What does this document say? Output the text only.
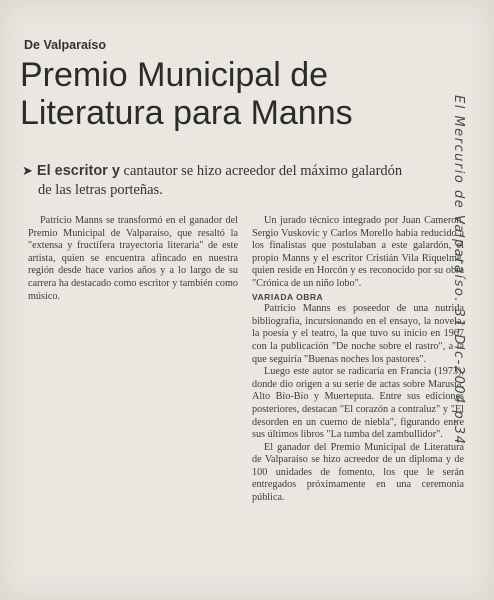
De Valparaíso
Premio Municipal de
Literatura para Manns
➤ El escritor y cantautor se hizo acreedor del máximo galardón
de las letras porteñas.

Patricio Manns se transformó en el ganador del Premio Municipal de Valparaíso, que resaltó la "extensa y fructífera trayectoria literaria" de este artista, quien se encuentra afincado en nuestra región desde hace varios años y a lo largo de su carrera ha destacado como escritor y también como músico.

Un jurado técnico integrado por Juan Cameron, Sergio Vuskovic y Carlos Morello había reducido a los finalistas que postulaban a este galardón, el propio Manns y el escritor Cristián Vila Riquelme, quien reside en Horcón y es reconocido por su obra "Crónica de un niño lobo".

VARIADA OBRA

Patricio Manns es poseedor de una nutrida bibliografía, incursionando en el ensayo, la novela, la poesía y el teatro, la que tuvo su inicio en 1967 con la publicación "De noche sobre el rastro", a la que seguiría "Buenas noches los pastores".

Luego este autor se radicaría en Francia (1973), donde dio origen a su serie de actas sobre Marusia, Alto Bío-Bío y Muerteputa. Entre sus ediciones posteriores, destacan "El corazón a contraluz" y "El desorden en un cuerno de niebla", figurando entre sus últimos libros "La tumba del zambullidor".

El ganador del Premio Municipal de Literatura de Valparaíso se hizo acreedor de un diploma y de 100 unidades de fomento, los que le serán entregados próximamente en una ceremonia pública.

El Mercurio de Valparaíso. 31-Dic-2004 p.34
